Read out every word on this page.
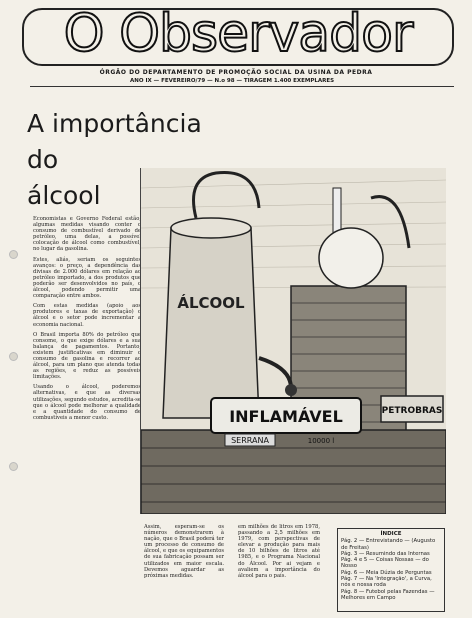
O Observador
ÓRGÃO DO DEPARTAMENTO DE PROMOÇÃO SOCIAL DA USINA DA PEDRA
ANO IX — FEVEREIRO/79 — N.o 98 — TIRAGEM 1.400 EXEMPLARES
A importância
do
álcool

Economistas e Governo Federal estão, algumas medidas visando conter o consumo de combustível derivado de petróleo, uma delas, a possível colocação de álcool como combustível, no lugar da gasolina.

Estes, aliás, seriam os seguintes avanços: o preço, a dependência das divisas de 2.000 dólares em relação ao petróleo importado, a dos produtos que poderão ser desenvolvidos no país, o álcool, podendo permitir uma comparação entre ambos.

Com estas medidas (apoio aos produtores e taxas de exportação) o álcool e o setor pode incrementar a economia nacional.

O Brasil importa 80% do petróleo que consome, o que exige dólares e a sua balança de pagamentos. Portanto, existem justificativas em diminuir o consumo de gasolina e recorrer ao álcool, para um plano que atenda todas as regiões, e reduz as possíveis limitações.

Usando o álcool, poderemos alternativas, e que as diversas utilizações, segundo estudos, acredita-se que o álcool pode melhorar a qualidade e a quantidade do consumo de combustíveis a menor custo.

ÁLCOOL
INFLAMÁVEL
SERRANA	10000 l
PETROBRAS
Assim, esperam-se os números demonstrarem à nação, que o Brasil poderá ter um processo de consumo de álcool, e que os equipamentos de sua fabricação possam ser utilizados em maior escala. Devemos aguardar as próximas medidas.
em milhões de litros em 1978, passando a 2,5 milhões em 1979, com perspectivas de elevar a produção para mais de 10 bilhões de litros até 1985, e o Programa Nacional do Álcool. Por ai vejam e avaliem a importância do álcool para o país.
ÍNDICE
Pág. 2 — Entrevistando — (Augusto de Freitas)
Pág. 3 — Resumindo das Internas
Pág. 4 e 5 — Coisas Nossas — do Nosso
Pág. 6 — Meia Dúzia de Perguntas
Pág. 7 — Na 'Integração', a Curva, nós e nossa roda
Pág. 8 — Futebol pelas Fazendas — Melhores em Campo
